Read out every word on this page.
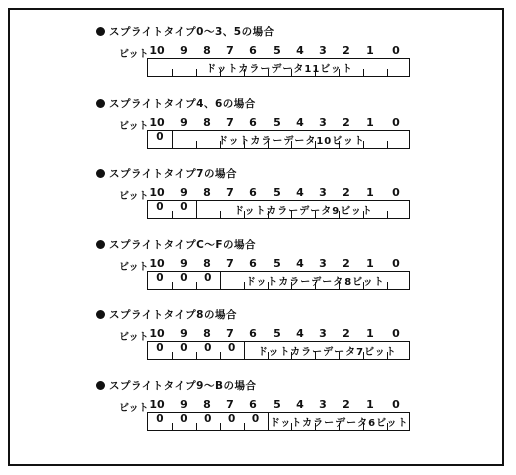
スプライトタイプ0～3、5の場合
ビット 10	9	8	7	6	5	4	3	2	1	0
ドットカラーデータ11ビット
スプライトタイプ4、6の場合
ビット 10	9	8	7	6	5	4	3	2	1	0
0	ドットカラーデータ10ビット
スプライトタイプ7の場合
ビット 10	9	8	7	6	5	4	3	2	1	0
0	0	ドットカラーデータ9ビット
スプライトタイプC～Fの場合
ビット 10	9	8	7	6	5	4	3	2	1	0
0	0	0	ドットカラーデータ8ビット
スプライトタイプ8の場合
ビット 10	9	8	7	6	5	4	3	2	1	0
0	0	0	0	ドットカラーデータ7ビット
スプライトタイプ9～Bの場合
ビット 10	9	8	7	6	5	4	3	2	1	0
0	0	0	0	0	ドットカラーデータ6ビット
